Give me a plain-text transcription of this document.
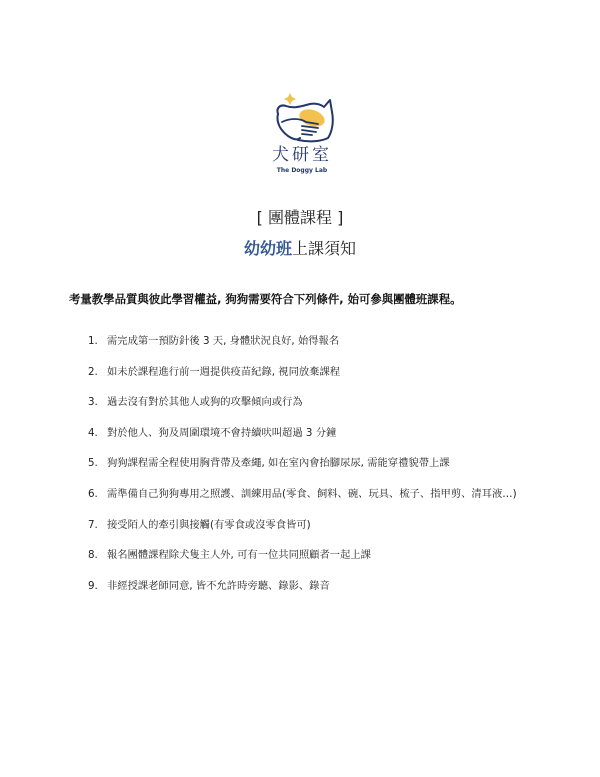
犬研室
The Doggy Lab
[ 團體課程 ]
幼幼班上課須知
考量教學品質與彼此學習權益, 狗狗需要符合下列條件, 始可參與團體班課程。
1. 需完成第一預防針後 3 天, 身體狀況良好, 始得報名
2. 如未於課程進行前一週提供疫苗紀錄, 視同放棄課程
3. 過去沒有對於其他人或狗的攻擊傾向或行為
4. 對於他人、狗及周圍環境不會持續吠叫超過 3 分鐘
5. 狗狗課程需全程使用胸背帶及牽繩, 如在室內會抬腳尿尿, 需能穿禮貌帶上課
6. 需準備自己狗狗專用之照護、訓練用品(零食、飼料、碗、玩具、梳子、指甲剪、清耳液…)
7. 接受陌人的牽引與接觸(有零食或沒零食皆可)
8. 報名團體課程除犬隻主人外, 可有一位共同照顧者一起上課
9. 非經授課老師同意, 皆不允許時旁聽、錄影、錄音
